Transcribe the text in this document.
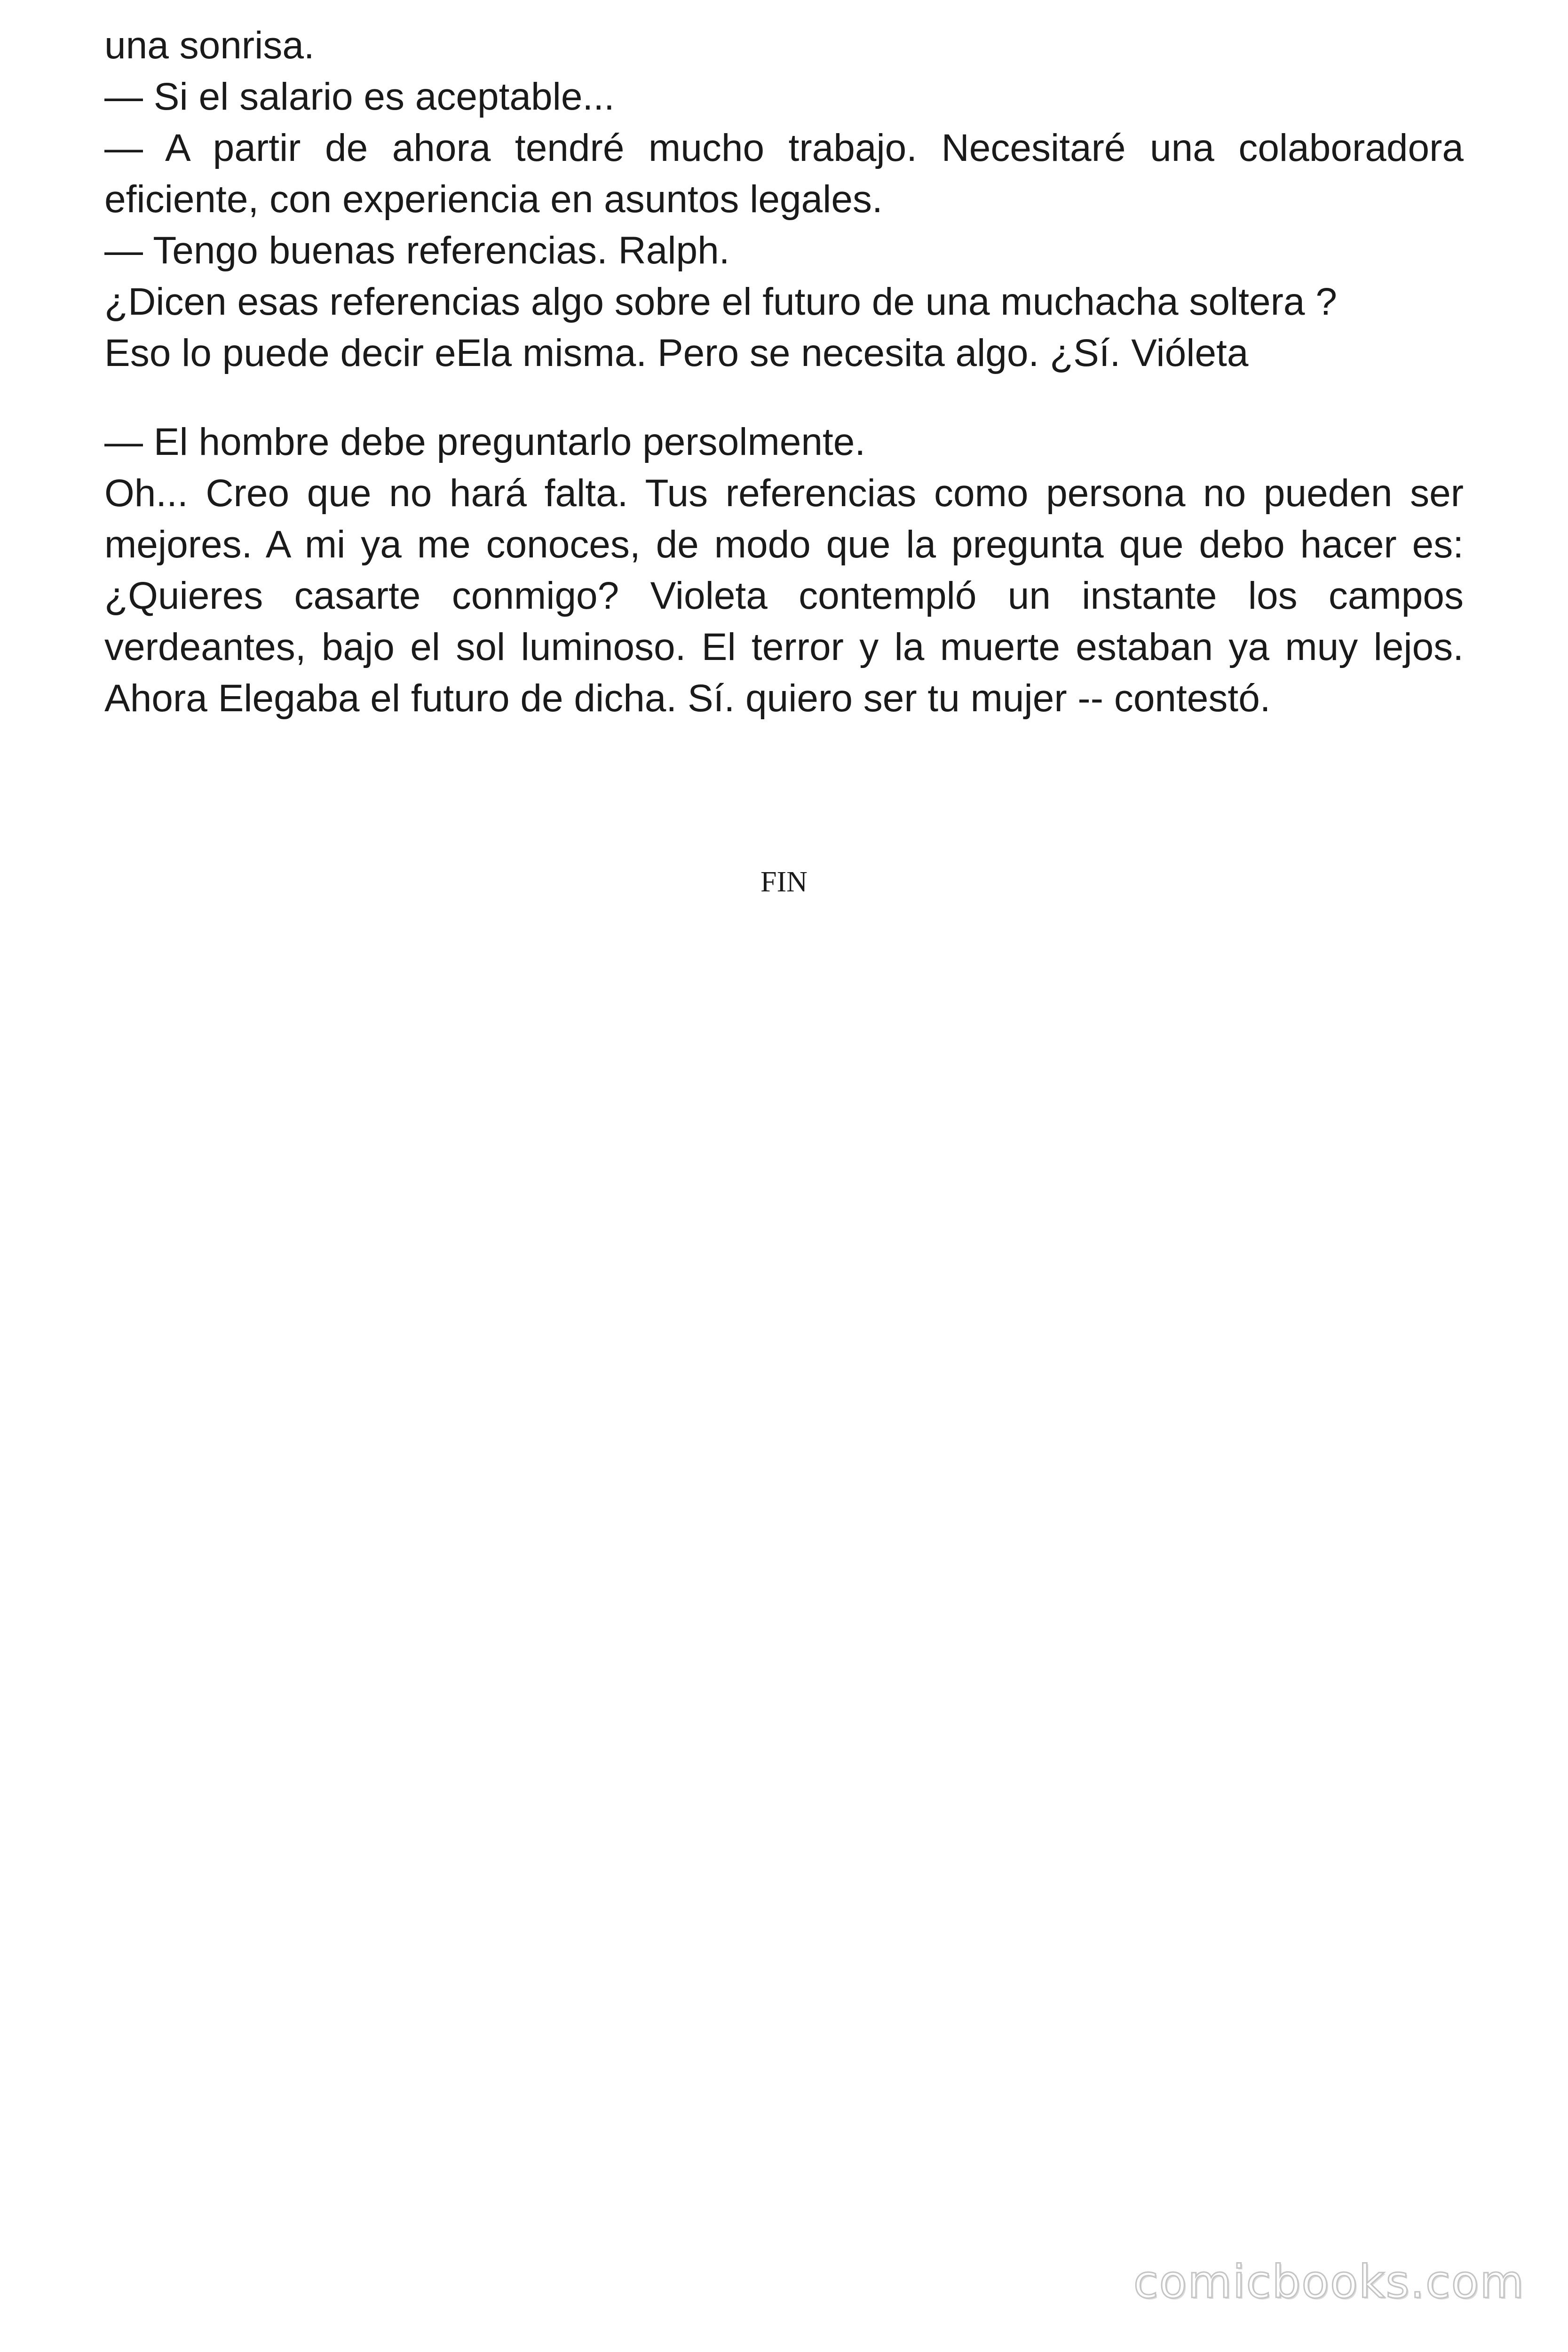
una sonrisa.

— Si el salario es aceptable...

— A partir de ahora tendré mucho trabajo. Necesitaré una colaboradora eficiente, con experiencia en asuntos legales.

— Tengo buenas referencias. Ralph.

¿Dicen esas referencias algo sobre el futuro de una muchacha soltera ?

Eso lo puede decir eEla misma. Pero se necesita algo. ¿Sí. Vióleta

— El hombre debe preguntarlo persolmente.

Oh... Creo que no hará falta. Tus referencias como persona no pueden ser mejores. A mi ya me conoces, de modo que la pregunta que debo hacer es: ¿Quieres casarte conmigo? Violeta contempló un instante los campos verdeantes, bajo el sol luminoso. El terror y la muerte estaban ya muy lejos. Ahora Elegaba el futuro de dicha. Sí. quiero ser tu mujer -- contestó.

FIN
comicbooks.com
